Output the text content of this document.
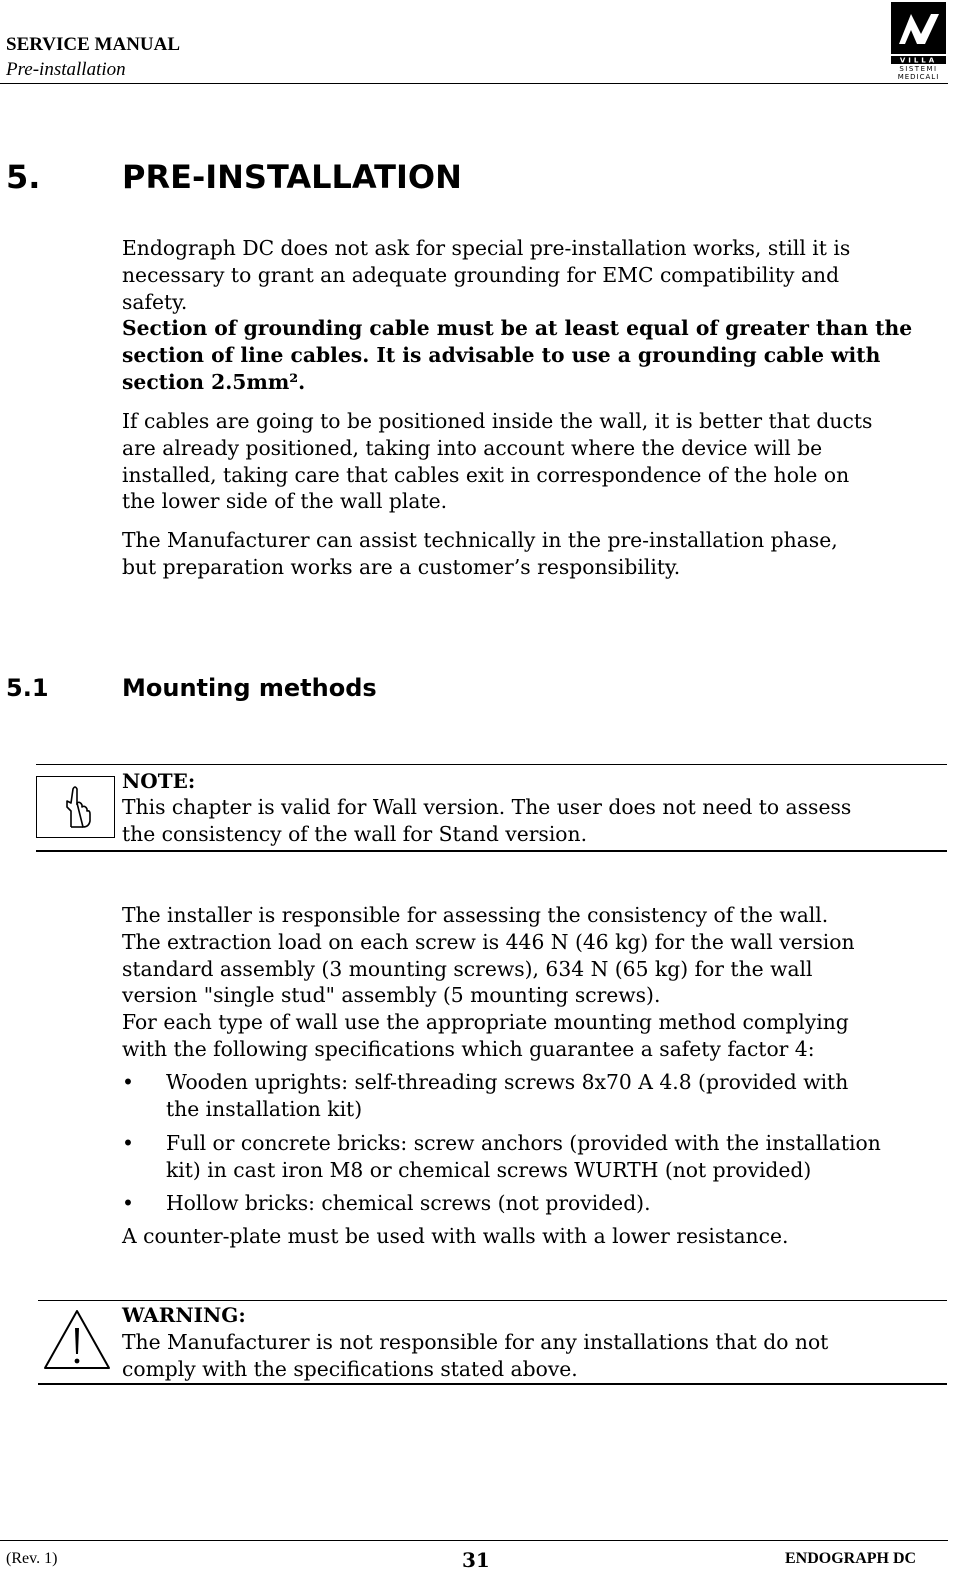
SERVICE MANUAL
Pre-installation	VILLA
SISTEMI
MEDICALI
5.	PRE-INSTALLATION
Endograph DC does not ask for special pre-installation works, still it is
necessary to grant an adequate grounding for EMC compatibility and
safety.
Section of grounding cable must be at least equal of greater than the
section of line cables. It is advisable to use a grounding cable with
section 2.5mm².
If cables are going to be positioned inside the wall, it is better that ducts
are already positioned, taking into account where the device will be
installed, taking care that cables exit in correspondence of the hole on
the lower side of the wall plate.
The Manufacturer can assist technically in the pre-installation phase,
but preparation works are a customer’s responsibility.
5.1	Mounting methods
NOTE:
This chapter is valid for Wall version. The user does not need to assess
the consistency of the wall for Stand version.
The installer is responsible for assessing the consistency of the wall.
The extraction load on each screw is 446 N (46 kg) for the wall version
standard assembly (3 mounting screws), 634 N (65 kg) for the wall
version "single stud" assembly (5 mounting screws).
For each type of wall use the appropriate mounting method complying
with the following specifications which guarantee a safety factor 4:
• Wooden uprights: self-threading screws 8x70 A 4.8 (provided with
the installation kit)
• Full or concrete bricks: screw anchors (provided with the installation
kit) in cast iron M8 or chemical screws WURTH (not provided)
• Hollow bricks: chemical screws (not provided).
A counter-plate must be used with walls with a lower resistance.
WARNING:
The Manufacturer is not responsible for any installations that do not
comply with the specifications stated above.
(Rev. 1)	31	ENDOGRAPH DC
